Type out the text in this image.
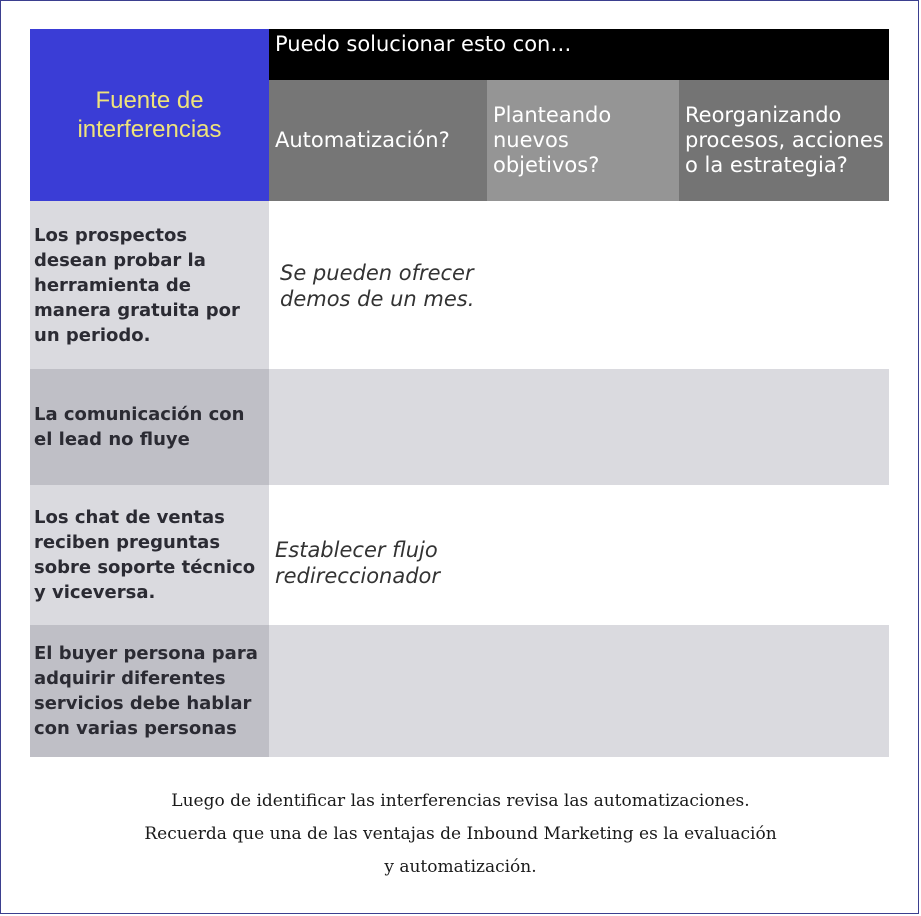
Fuente de interferencias
Puedo solucionar esto con…
Automatización?
Planteando nuevos objetivos?
Reorganizando procesos, acciones o la estrategia?
Los prospectos desean probar la herramienta de manera gratuita por un periodo.
Se pueden ofrecer demos de un mes.
La comunicación con el lead no fluye
Los chat de ventas reciben preguntas sobre soporte técnico y viceversa.
Establecer flujo redireccionador
El buyer persona para adquirir diferentes servicios debe hablar con varias personas
Luego de identificar las interferencias revisa las automatizaciones.
Recuerda que una de las ventajas de Inbound Marketing es la evaluación
y automatización.
